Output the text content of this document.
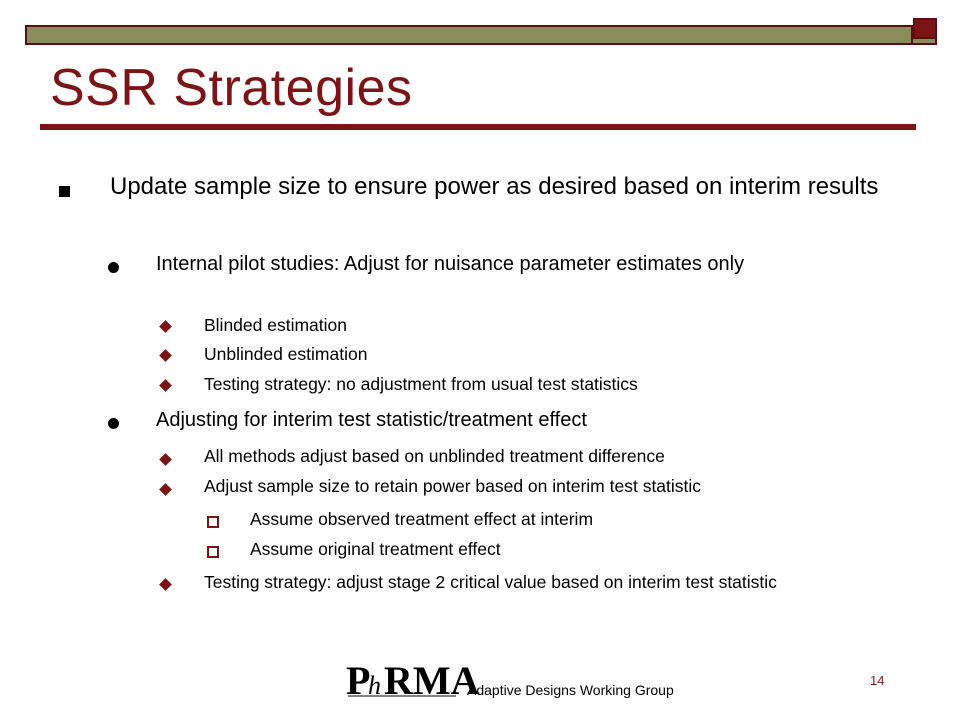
SSR Strategies
Update sample size to ensure power as desired based on interim results
Internal pilot studies: Adjust for nuisance parameter estimates only
Blinded estimation
Unblinded estimation
Testing strategy: no adjustment from usual test statistics
Adjusting for interim test statistic/treatment effect
All methods adjust based on unblinded treatment difference
Adjust sample size to retain power based on interim test statistic
Assume observed treatment effect at interim
Assume original treatment effect
Testing strategy: adjust stage 2 critical value based on interim test statistic
P
h RMA
Adaptive Designs Working Group
14
